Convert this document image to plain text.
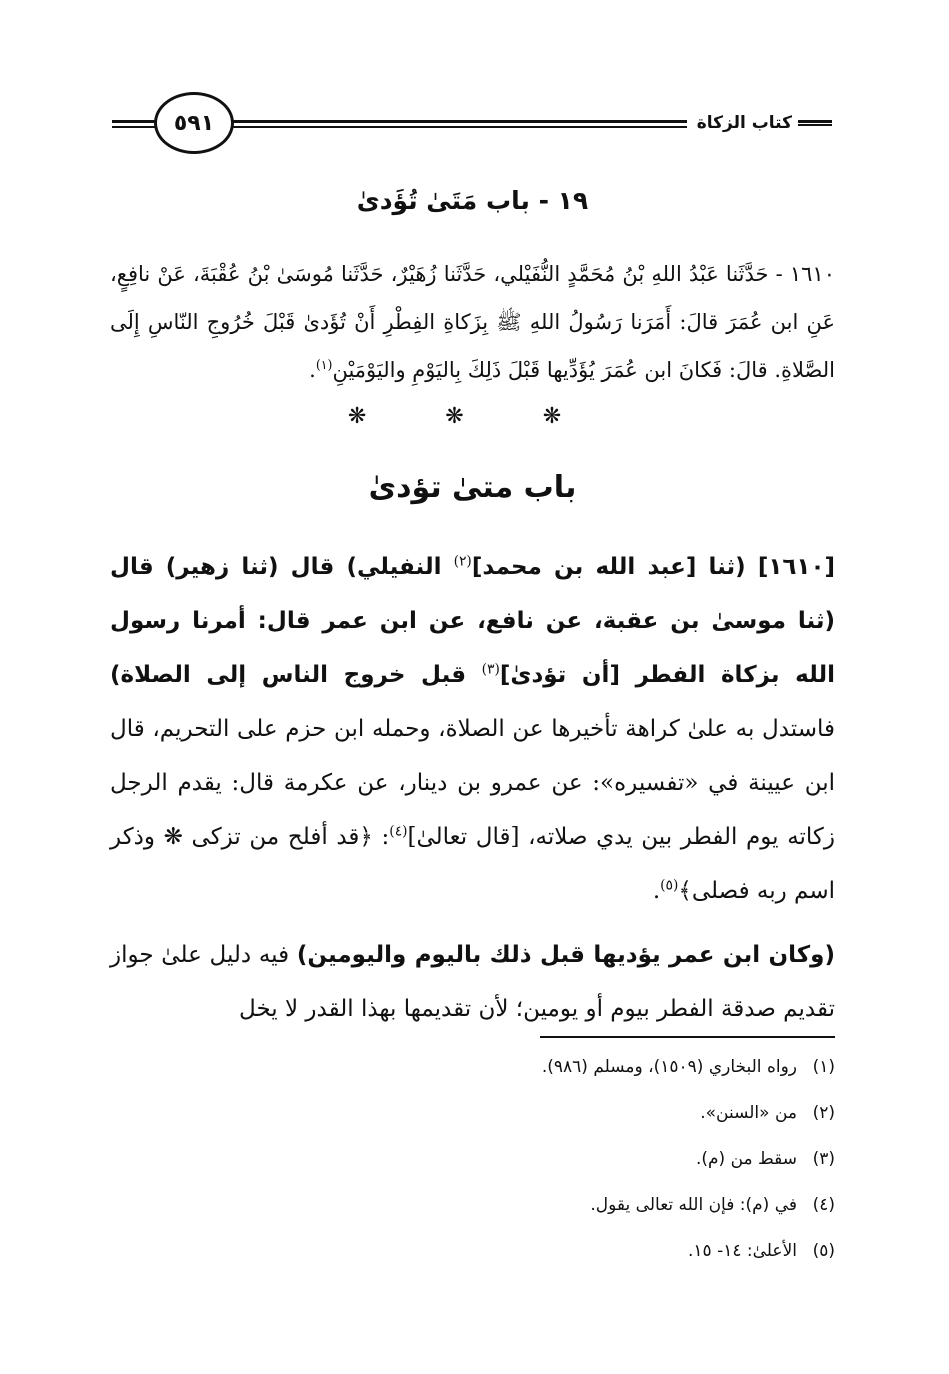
٥٩١	كتاب الزكاة
١٩ - باب مَتَىٰ تُؤَدىٰ
١٦١٠ - حَدَّثَنا عَبْدُ اللهِ بْنُ مُحَمَّدٍ النُّفَيْلي، حَدَّثَنا زُهَيْرٌ، حَدَّثَنا مُوسَىٰ بْنُ عُقْبَةَ، عَنْ نافِعٍ، عَنِ ابن عُمَرَ قالَ: أَمَرَنا رَسُولُ اللهِ ﷺ بِزَكاةِ الفِطْرِ أَنْ تُؤَدىٰ قَبْلَ خُرُوجِ النّاسِ إِلَى الصَّلاةِ. قالَ: فَكانَ ابن عُمَرَ يُؤَدِّيها قَبْلَ ذَلِكَ بِاليَوْمِ واليَوْمَيْنِ$^{(١)}$.
❋ ❋ ❋
باب متىٰ تؤدىٰ

[١٦١٠] (ثنا [عبد الله بن محمد]$^{(٢)}$ النفيلي) قال (ثنا زهير) قال (ثنا موسىٰ بن عقبة، عن نافع، عن ابن عمر قال: أمرنا رسول الله بزكاة الفطر [أن تؤدىٰ]$^{(٣)}$ قبل خروج الناس إلى الصلاة) فاستدل به علىٰ كراهة تأخيرها عن الصلاة، وحمله ابن حزم على التحريم، قال ابن عيينة في «تفسيره»: عن عمرو بن دينار، عن عكرمة قال: يقدم الرجل زكاته يوم الفطر بين يدي صلاته، [قال تعالىٰ]$^{(٤)}$: ﴿قد أفلح من تزكى ❋ وذكر اسم ربه فصلى﴾$^{(٥)}$.

(وكان ابن عمر يؤديها قبل ذلك باليوم واليومين) فيه دليل علىٰ جواز تقديم صدقة الفطر بيوم أو يومين؛ لأن تقديمها بهذا القدر لا يخل

(١)رواه البخاري (١٥٠٩)، ومسلم (٩٨٦).
(٢)من «السنن».
(٣)سقط من (م).
(٤)في (م): فإن الله تعالى يقول.
(٥)الأعلىٰ: ١٤- ١٥.
